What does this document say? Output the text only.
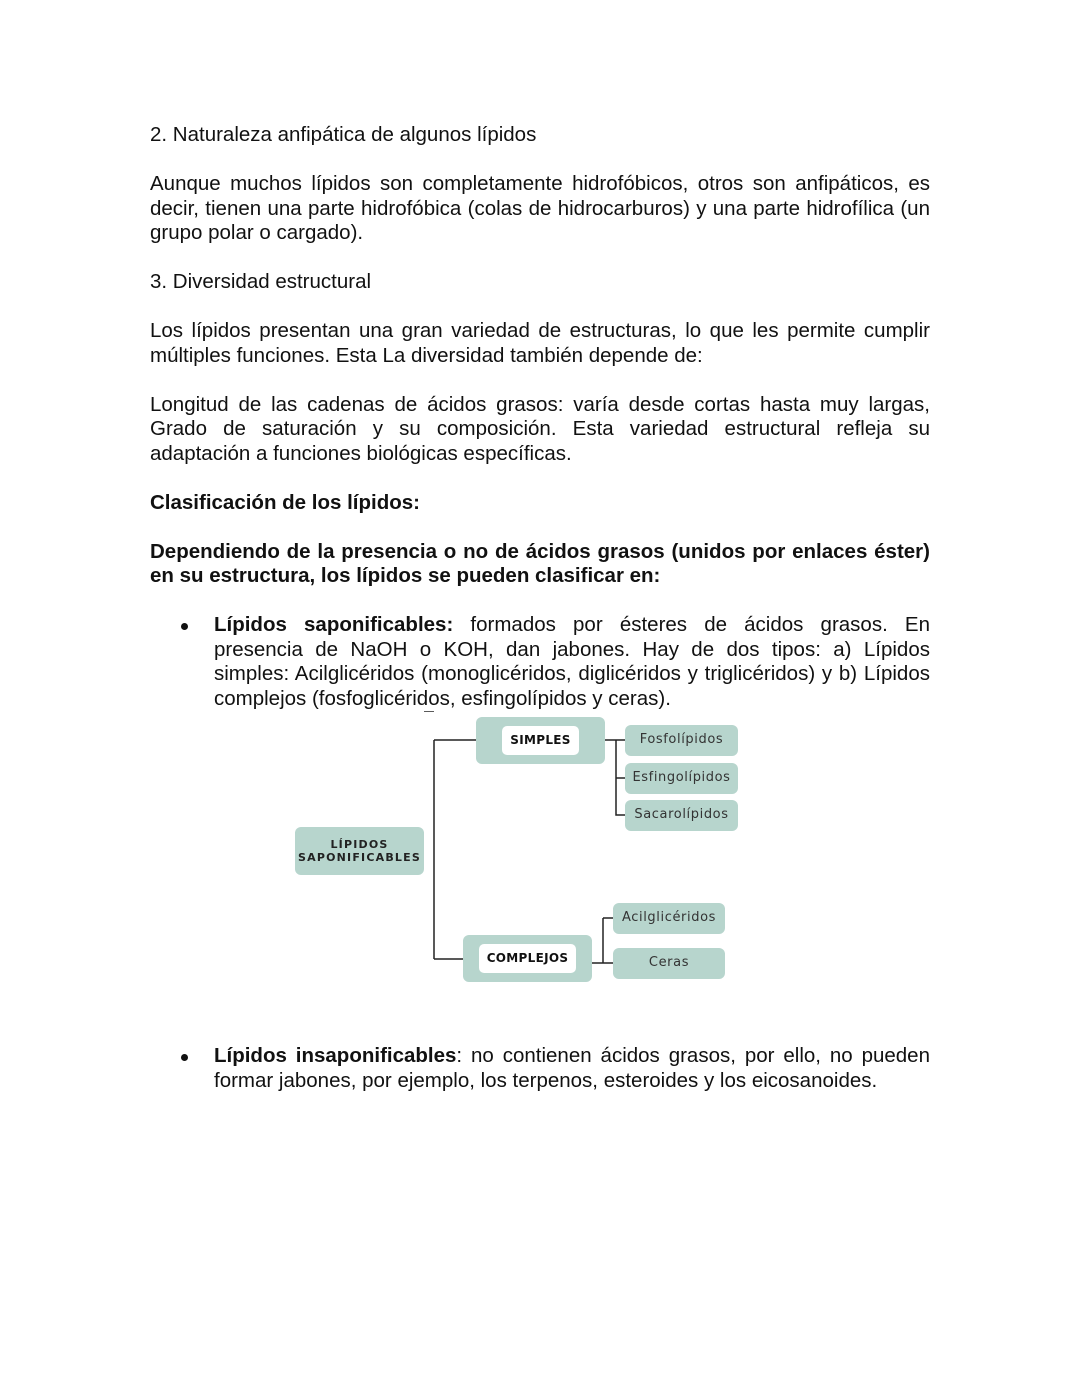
2. Naturaleza anfipática de algunos lípidos

Aunque muchos lípidos son completamente hidrofóbicos, otros son anfipáticos, es decir, tienen una parte hidrofóbica (colas de hidrocarburos) y una parte hidrofílica (un grupo polar o cargado).

3. Diversidad estructural

Los lípidos presentan una gran variedad de estructuras, lo que les permite cumplir múltiples funciones. Esta La diversidad también depende de:

Longitud de las cadenas de ácidos grasos: varía desde cortas hasta muy largas, Grado de saturación y su composición. Esta variedad estructural refleja su adaptación a funciones biológicas específicas.

Clasificación de los lípidos:

Dependiendo de la presencia o no de ácidos grasos (unidos por enlaces éster) en su estructura, los lípidos se pueden clasificar en:

Lípidos saponificables: formados por ésteres de ácidos grasos. En presencia de NaOH o KOH, dan jabones. Hay de dos tipos: a) Lípidos simples: Acilglicéridos (monoglicéridos, diglicéridos y triglicéridos) y b) Lípidos complejos (fosfoglicéridos, esfingolípidos y ceras).
LÍPIDOS
SAPONIFICABLES
SIMPLES
COMPLEJOS
Fosfolípidos
Esfingolípidos
Sacarolípidos
Acilglicéridos
Ceras
Lípidos insaponificables: no contienen ácidos grasos, por ello, no pueden formar jabones, por ejemplo, los terpenos, esteroides y los eicosanoides.
